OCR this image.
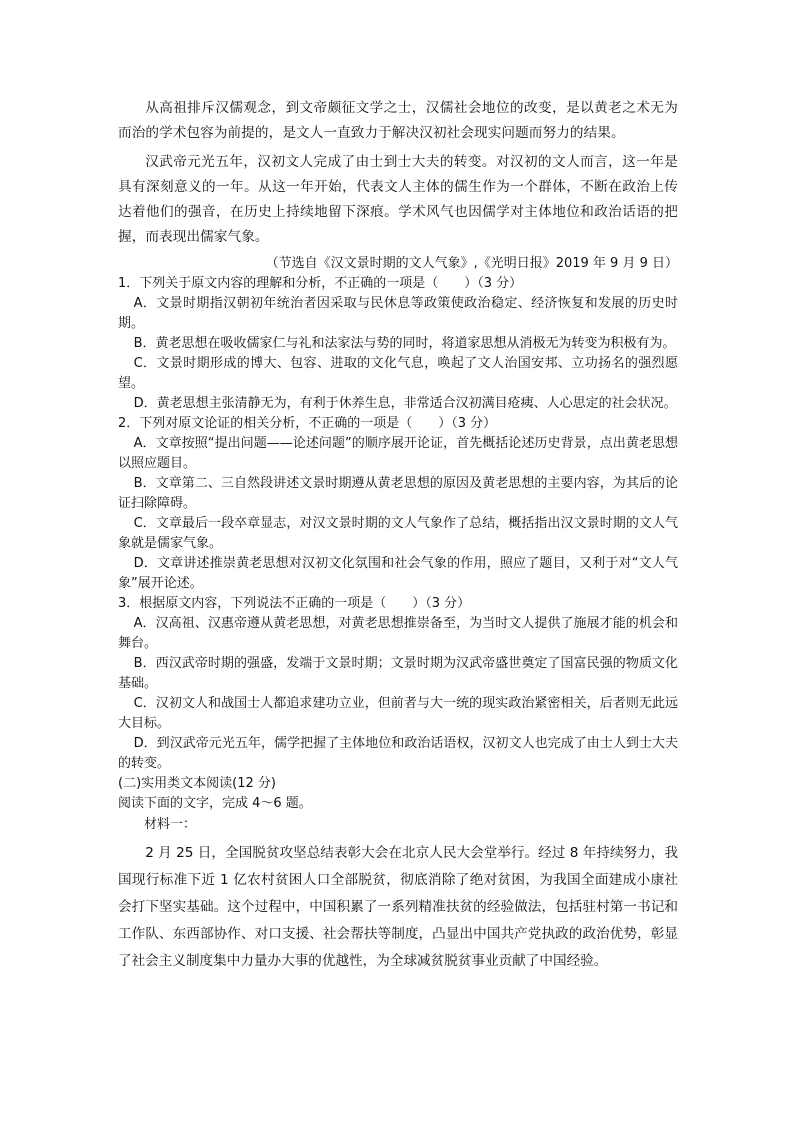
从高祖排斥汉儒观念，到文帝颇征文学之士，汉儒社会地位的改变，是以黄老之术无为而治的学术包容为前提的，是文人一直致力于解决汉初社会现实问题而努力的结果。

汉武帝元光五年，汉初文人完成了由士到士大夫的转变。对汉初的文人而言，这一年是具有深刻意义的一年。从这一年开始，代表文人主体的儒生作为一个群体，不断在政治上传达着他们的强音，在历史上持续地留下深痕。学术风气也因儒学对主体地位和政治话语的把握，而表现出儒家气象。

（节选自《汉文景时期的文人气象》,《光明日报》2019 年 9 月 9 日）

1．下列关于原文内容的理解和分析，不正确的一项是（　　）（3 分）

A．文景时期指汉朝初年统治者因采取与民休息等政策使政治稳定、经济恢复和发展的历史时期。

B．黄老思想在吸收儒家仁与礼和法家法与势的同时，将道家思想从消极无为转变为积极有为。

C．文景时期形成的博大、包容、进取的文化气息，唤起了文人治国安邦、立功扬名的强烈愿望。

D．黄老思想主张清静无为，有利于休养生息，非常适合汉初满目疮痍、人心思定的社会状况。

2．下列对原文论证的相关分析，不正确的一项是（　　）（3 分）

A．文章按照“提出问题——论述问题”的顺序展开论证，首先概括论述历史背景，点出黄老思想以照应题目。

B．文章第二、三自然段讲述文景时期遵从黄老思想的原因及黄老思想的主要内容，为其后的论证扫除障碍。

C．文章最后一段卒章显志，对汉文景时期的文人气象作了总结，概括指出汉文景时期的文人气象就是儒家气象。

D．文章讲述推崇黄老思想对汉初文化氛围和社会气象的作用，照应了题目，又利于对“文人气象”展开论述。

3．根据原文内容，下列说法不正确的一项是（　　）（3 分）

A．汉高祖、汉惠帝遵从黄老思想，对黄老思想推崇备至，为当时文人提供了施展才能的机会和舞台。

B．西汉武帝时期的强盛，发端于文景时期；文景时期为汉武帝盛世奠定了国富民强的物质文化基础。

C．汉初文人和战国士人都追求建功立业，但前者与大一统的现实政治紧密相关，后者则无此远大目标。

D．到汉武帝元光五年，儒学把握了主体地位和政治话语权，汉初文人也完成了由士人到士大夫的转变。

(二)实用类文本阅读(12 分)

阅读下面的文字，完成 4～6 题。

材料一：

2 月 25 日，全国脱贫攻坚总结表彰大会在北京人民大会堂举行。经过 8 年持续努力，我国现行标准下近 1 亿农村贫困人口全部脱贫，彻底消除了绝对贫困，为我国全面建成小康社会打下坚实基础。这个过程中，中国积累了一系列精准扶贫的经验做法，包括驻村第一书记和工作队、东西部协作、对口支援、社会帮扶等制度，凸显出中国共产党执政的政治优势，彰显了社会主义制度集中力量办大事的优越性，为全球减贫脱贫事业贡献了中国经验。
